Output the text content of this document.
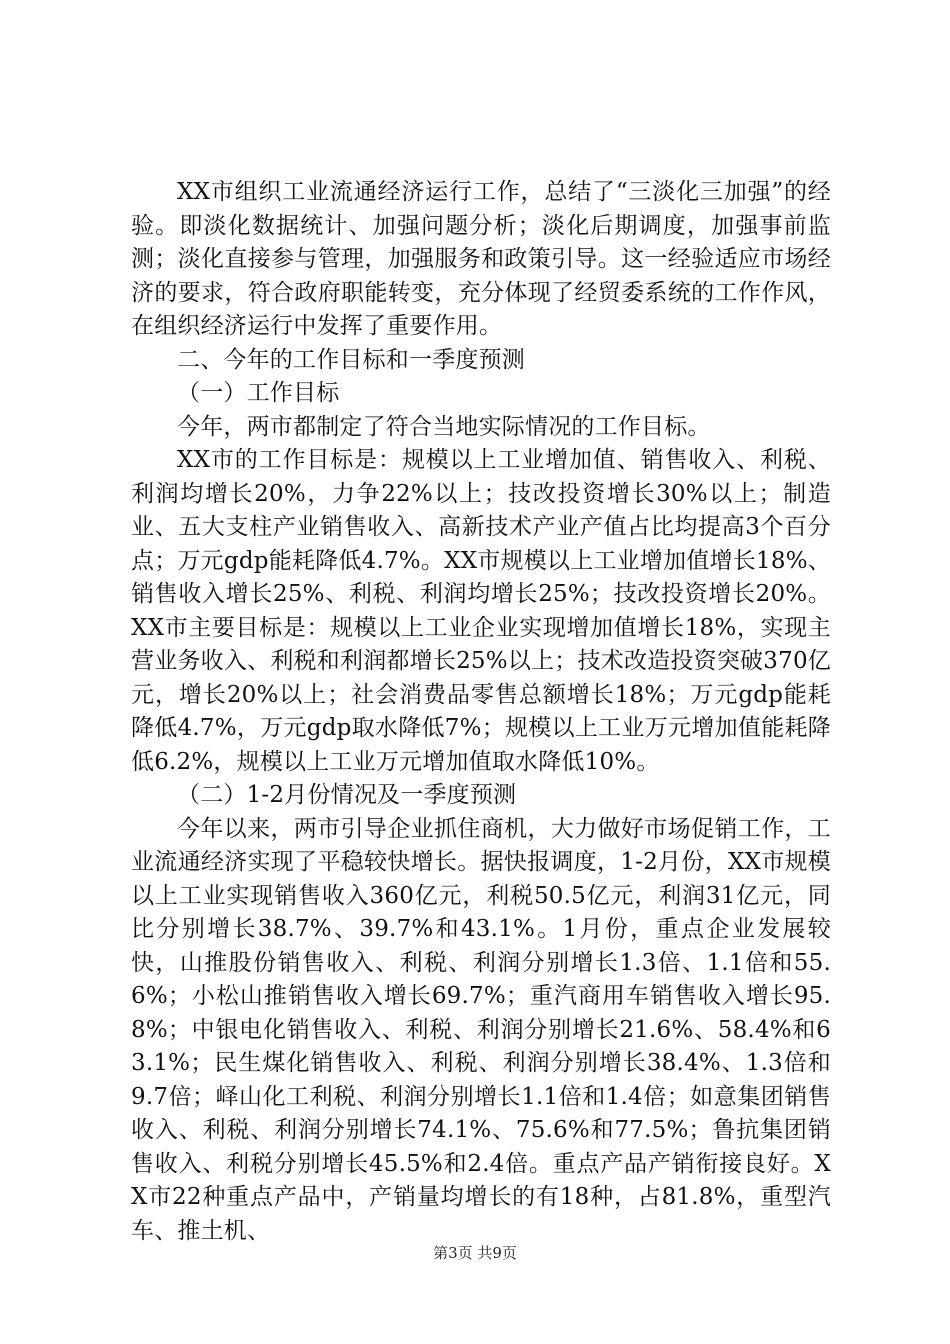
XX市组织工业流通经济运行工作，总结了“三淡化三加强”的经验。即淡化数据统计、加强问题分析；淡化后期调度，加强事前监测；淡化直接参与管理，加强服务和政策引导。这一经验适应市场经济的要求，符合政府职能转变，充分体现了经贸委系统的工作作风，在组织经济运行中发挥了重要作用。

二、今年的工作目标和一季度预测

（一）工作目标

今年，两市都制定了符合当地实际情况的工作目标。

XX市的工作目标是：规模以上工业增加值、销售收入、利税、利润均增长20%，力争22%以上；技改投资增长30%以上；制造业、五大支柱产业销售收入、高新技术产业产值占比均提高3个百分点；万元gdp能耗降低4.7%。XX市规模以上工业增加值增长18%、销售收入增长25%、利税、利润均增长25%；技改投资增长20%。XX市主要目标是：规模以上工业企业实现增加值增长18%，实现主营业务收入、利税和利润都增长25%以上；技术改造投资突破370亿元，增长20%以上；社会消费品零售总额增长18%；万元gdp能耗降低4.7%，万元gdp取水降低7%；规模以上工业万元增加值能耗降低6.2%，规模以上工业万元增加值取水降低10%。

（二）1-2月份情况及一季度预测

今年以来，两市引导企业抓住商机，大力做好市场促销工作，工业流通经济实现了平稳较快增长。据快报调度，1-2月份，XX市规模以上工业实现销售收入360亿元，利税50.5亿元，利润31亿元，同比分别增长38.7%、39.7%和43.1%。1月份，重点企业发展较快，山推股份销售收入、利税、利润分别增长1.3倍、1.1倍和55.6%；小松山推销售收入增长69.7%；重汽商用车销售收入增长95.8%；中银电化销售收入、利税、利润分别增长21.6%、58.4%和63.1%；民生煤化销售收入、利税、利润分别增长38.4%、1.3倍和9.7倍；峄山化工利税、利润分别增长1.1倍和1.4倍；如意集团销售收入、利税、利润分别增长74.1%、75.6%和77.5%；鲁抗集团销售收入、利税分别增长45.5%和2.4倍。重点产品产销衔接良好。XX市22种重点产品中，产销量均增长的有18种，占81.8%，重型汽车、推土机、

第3页 共9页
